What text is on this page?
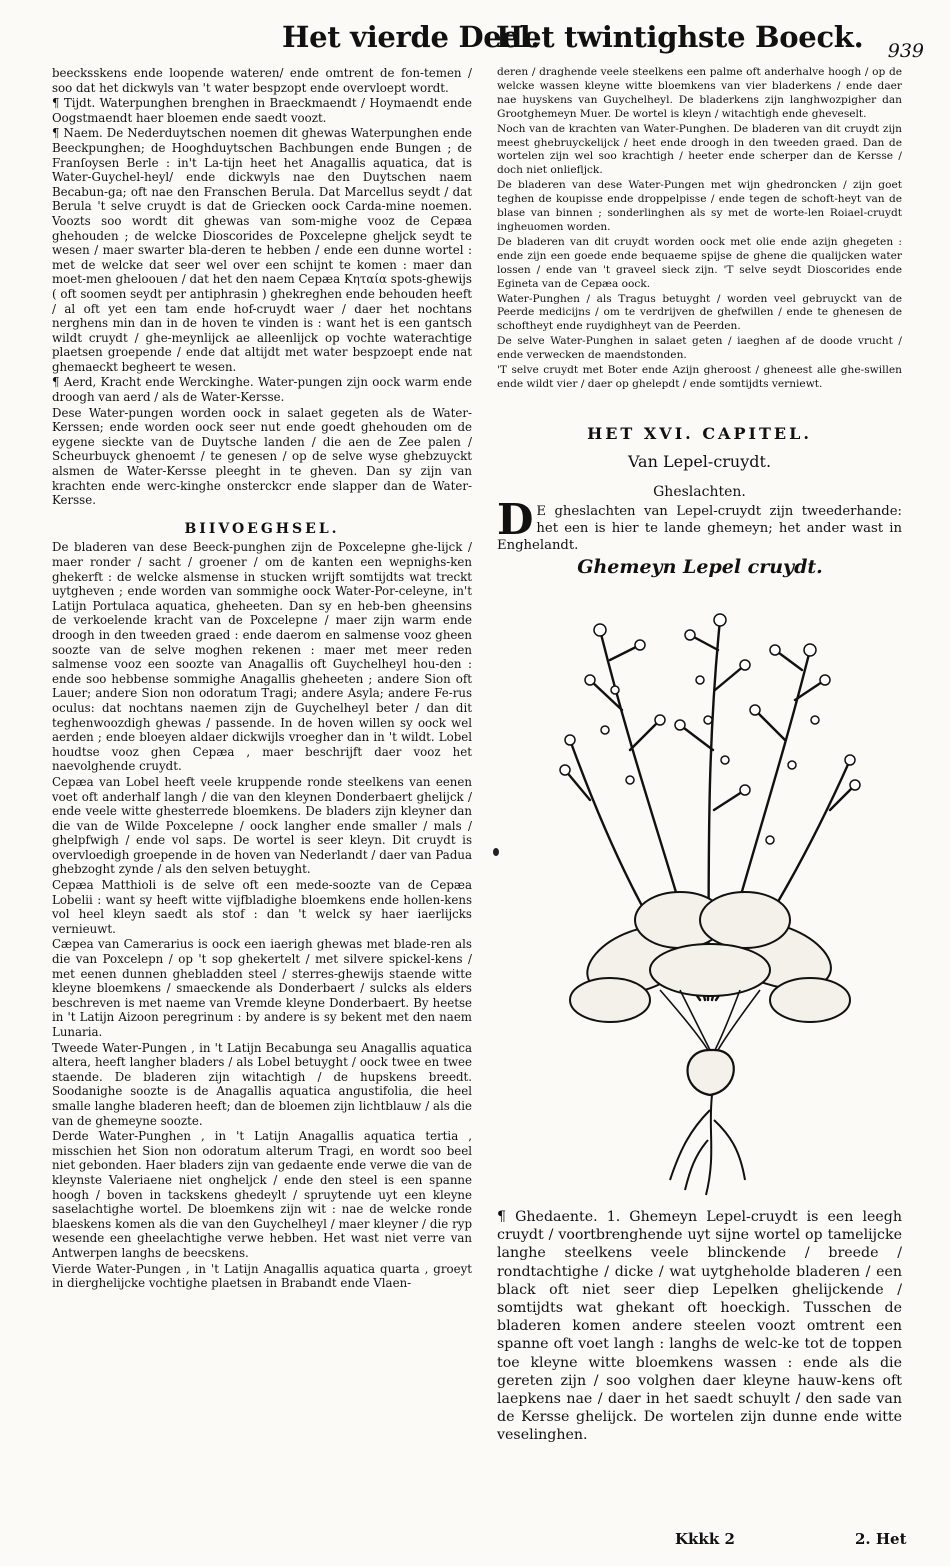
Het vierde Deel.
Het twintighste Boeck. 939

beecksskens ende loopende wateren/ ende omtrent de fon-temen / soo dat het dickwyls van 't water bespzopt ende overvloept wordt.

¶ Tijdt. Waterpunghen brenghen in Braeckmaendt / Hoymaendt ende Oogstmaendt haer bloemen ende saedt voozt.

¶ Naem. De Nederduytschen noemen dit ghewas Waterpunghen ende Beeckpunghen; de Hooghduytschen Bachbungen ende Bungen ; de Franſoysen Berle : in't La-tijn heet het Anagallis aquatica, dat is Water-Guychel-heyl/ ende dickwyls nae den Duytschen naem Becabun-ga; oft nae den Franschen Berula. Dat Marcellus seydt / dat Berula 't selve cruydt is dat de Griecken oock Carda-mine noemen. Voozts soo wordt dit ghewas van som-mighe vooz de Cepæa ghehouden ; de welcke Dioscorides de Poxcelepne gheljck seydt te wesen / maer swarter bla-deren te hebben / ende een dunne wortel : met de welcke dat seer wel over een schijnt te komen : maer dan moet-men gheloouen / dat het den naem Cepæa Κηταία spots-ghewijs ( oft soomen seydt per antiphrasin ) ghekreghen ende behouden heeft / al oft yet een tam ende hof-cruydt waer / daer het nochtans nerghens min dan in de hoven te vinden is : want het is een gantsch wildt cruydt / ghe-meynlijck ae alleenlijck op vochte waterachtige plaetsen groepende / ende dat altijdt met water bespzoept ende nat ghemaeckt begheert te wesen.

¶ Aerd, Kracht ende Werckinghe. Water-pungen zijn oock warm ende droogh van aerd / als de Water-Kersse.

Dese Water-pungen worden oock in salaet gegeten als de Water-Kerssen; ende worden oock seer nut ende goedt ghehouden om de eygene sieckte van de Duytsche landen / die aen de Zee palen / Scheurbuyck ghenoemt / te genesen / op de selve wyse ghebzuyckt alsmen de Water-Kersse pleeght in te gheven. Dan sy zijn van krachten ende werc-kinghe onsterckcr ende slapper dan de Water-Kersse.

BIIVOEGHSEL.

De bladeren van dese Beeck-punghen zijn de Poxcelepne ghe-lijck / maer ronder / sacht / groener / om de kanten een wepnighs-ken ghekerft : de welcke alsmense in stucken wrijft somtijdts wat treckt uytgheven ; ende worden van sommighe oock Water-Por-celeyne, in't Latijn Portulaca aquatica, gheheeten. Dan sy en heb-ben gheensins de verkoelende kracht van de Poxcelepne / maer zijn warm ende droogh in den tweeden graed : ende daerom en salmense vooz gheen soozte van de selve moghen rekenen : maer met meer reden salmense vooz een soozte van Anagallis oft Guychelheyl hou-den : ende soo hebbense sommighe Anagallis gheheeten ; andere Sion oft Lauer; andere Sion non odoratum Tragi; andere Asyla; andere Fe-rus oculus: dat nochtans naemen zijn de Guychelheyl beter / dan dit teghenwoozdigh ghewas / passende. In de hoven willen sy oock wel aerden ; ende bloeyen aldaer dickwijls vroegher dan in 't wildt. Lobel houdtse vooz ghen Cepæa , maer beschrijft daer vooz het naevolghende cruydt.

Cepæa van Lobel heeft veele kruppende ronde steelkens van eenen voet oft anderhalf langh / die van den kleynen Donderbaert ghelijck / ende veele witte ghesterrede bloemkens. De bladers zijn kleyner dan die van de Wilde Poxcelepne / oock langher ende smaller / mals / ghelpfwigh / ende vol saps. De wortel is seer kleyn. Dit cruydt is overvloedigh groepende in de hoven van Nederlandt / daer van Padua ghebzoght zynde / als den selven betuyght.

Cepæa Matthioli is de selve oft een mede-soozte van de Cepæa Lobelii : want sy heeft witte vijfbladighe bloemkens ende hollen-kens vol heel kleyn saedt als stof : dan 't welck sy haer iaerlijcks vernieuwt.

Cæpea van Camerarius is oock een iaerigh ghewas met blade-ren als die van Poxcelepn / op 't sop ghekertelt / met silvere spickel-kens / met eenen dunnen ghebladden steel / sterres-ghewijs staende witte kleyne bloemkens / smaeckende als Donderbaert / sulcks als elders beschreven is met naeme van Vremde kleyne Donderbaert. By heetse in 't Latijn Aizoon peregrinum : by andere is sy bekent met den naem Lunaria.

Tweede Water-Pungen , in 't Latijn Becabunga seu Anagallis aquatica altera, heeft langher bladers / als Lobel betuyght / oock twee en twee staende. De bladeren zijn witachtigh / de hupskens breedt. Soodanighe soozte is de Anagallis aquatica angustifolia, die heel smalle langhe bladeren heeft; dan de bloemen zijn lichtblauw / als die van de ghemeyne soozte.

Derde Water-Punghen , in 't Latijn Anagallis aquatica tertia , misschien het Sion non odoratum alterum Tragi, en wordt soo beel niet gebonden. Haer bladers zijn van gedaente ende verwe die van de kleynste Valeriaene niet ongheljck / ende den steel is een spanne hoogh / boven in tackskens ghedeylt / spruytende uyt een kleyne saselachtighe wortel. De bloemkens zijn wit : nae de welcke ronde blaeskens komen als die van den Guychelheyl / maer kleyner / die ryp wesende een gheelachtighe verwe hebben. Het wast niet verre van Antwerpen langhs de beecskens.

Vierde Water-Pungen , in 't Latijn Anagallis aquatica quarta , groeyt in dierghelijcke vochtighe plaetsen in Brabandt ende Vlaen-

deren / draghende veele steelkens een palme oft anderhalve hoogh / op de welcke wassen kleyne witte bloemkens van vier bladerkens / ende daer nae huyskens van Guychelheyl. De bladerkens zijn langhwozpigher dan Grootghemeyn Muer. De wortel is kleyn / witachtigh ende gheveselt.

Noch van de krachten van Water-Punghen. De bladeren van dit cruydt zijn meest ghebruyckelijck / heet ende droogh in den tweeden graed. Dan de wortelen zijn wel soo krachtigh / heeter ende scherper dan de Kersse / doch niet onliefljck.

De bladeren van dese Water-Pungen met wijn ghedroncken / zijn goet teghen de koupisse ende droppelpisse / ende tegen de schoft-heyt van de blase van binnen ; sonderlinghen als sy met de worte-len Roiael-cruydt ingheuomen worden.

De bladeren van dit cruydt worden oock met olie ende azijn ghegeten : ende zijn een goede ende bequaeme spijse de ghene die qualijcken water lossen / ende van 't graveel sieck zijn. 'T selve seydt Dioscorides ende Egineta van de Cepæa oock.

Water-Punghen / als Tragus betuyght / worden veel gebruyckt van de Peerde medicijns / om te verdrijven de ghefwillen / ende te ghenesen de schoftheyt ende ruydighheyt van de Peerden.

De selve Water-Punghen in salaet geten / iaeghen af de doode vrucht / ende verwecken de maendstonden.

'T selve cruydt met Boter ende Azijn gheroost / gheneest alle ghe-swillen ende wildt vier / daer op ghelepdt / ende somtijdts verniewt.

HET XVI. CAPITEL.
Van Lepel-cruydt.
Gheslachten.
D E gheslachten van Lepel-cruydt zijn tweederhande: het een is hier te lande ghemeyn; het ander wast in Enghelandt.
Ghemeyn Lepel cruydt.

¶ Ghedaente. 1. Ghemeyn Lepel-cruydt is een leegh cruydt / voortbrenghende uyt sijne wortel op tamelijcke langhe steelkens veele blinckende / breede / rondtachtighe / dicke / wat uytgheholde bladeren / een black oft niet seer diep Lepelken ghelijckende / somtijdts wat ghekant oft hoeckigh. Tusschen de bladeren komen andere steelen voozt omtrent een spanne oft voet langh : langhs de welc-ke tot de toppen toe kleyne witte bloemkens wassen : ende als die gereten zijn / soo volghen daer kleyne hauw-kens oft laepkens nae / daer in het saedt schuylt / den sade van de Kersse ghelijck. De wortelen zijn dunne ende witte veselinghen.

Kkkk 2	2. Het
